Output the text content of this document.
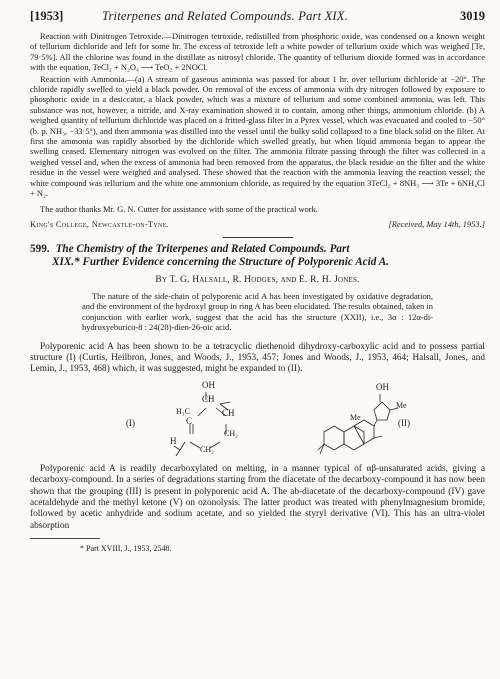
[1953]	Triterpenes and Related Compounds. Part XIX.	3019

Reaction with Dinitrogen Tetroxide.—Dinitrogen tetroxide, redistilled from phosphoric oxide, was condensed on a known weight of tellurium dichloride and left for some hr. The excess of tetroxide left a white powder of tellurium oxide which was weighed [Te, 79·5%]. All the chlorine was found in the distillate as nitrosyl chloride. The quantity of tellurium dioxide formed was in accordance with the equation, TeCl₂ + N₂O₄ ⟶ TeO₂ + 2NOCl.

Reaction with Ammonia.—(a) A stream of gaseous ammonia was passed for about 1 hr. over tellurium dichloride at −20°. The chloride rapidly swelled to yield a black powder. On removal of the excess of ammonia with dry nitrogen followed by exposure to phosphoric oxide in a desiccator, a black powder, which was a mixture of tellurium and some combined ammonia, was left. This substance was not, however, a nitride, and X-ray examination showed it to contain, among other things, ammonium chloride. (b) A weighed quantity of tellurium dichloride was placed on a fritted-glass filter in a Pyrex vessel, which was evacuated and cooled to −50° (b. p. NH₃, −33·5°), and then ammonia was distilled into the vessel until the bulky solid collapsed to a fine black solid on the filter. At first the ammonia was rapidly absorbed by the dichloride which swelled greatly, but when liquid ammonia began to appear the swelling ceased. Elementary nitrogen was evolved on the filter. The ammonia filtrate passing through the filter was collected in a weighed vessel and, when the excess of ammonia had been removed from the apparatus, the black residue on the filter and the white residue in the vessel were weighed and analysed. These showed that the reaction with the ammonia leaving the reaction vessel; the white compound was tellurium and the white one ammonium chloride, as required by the equation 3TeCl₂ + 8NH₃ ⟶ 3Te + 6NH₄Cl + N₂.

The author thanks Mr. G. N. Cutter for assistance with some of the practical work.

King's College, Newcastle-on-Tyne.	[Received, May 14th, 1953.]
599. The Chemistry of the Triterpenes and Related Compounds. Part
XIX.* Further Evidence concerning the Structure of Polyporenic Acid A.
By T. G. Halsall, R. Hodges, and E. R. H. Jones.

The nature of the side-chain of polyporenic acid A has been investigated by oxidative degradation, and the environment of the hydroxyl group in ring A has been elucidated. The results obtained, taken in conjunction with earlier work, suggest that the acid has the structure (XXII), i.e., 3α : 12α-di-hydroxyeburico-8 : 24(28)-dien-26-oic acid.

Polyporenic acid A has been shown to be a tetracyclic diethenoid dihydroxy-carboxylic acid and to possess partial structure (I) (Curtis, Heilbron, Jones, and Woods, J., 1953, 457; Jones and Woods, J., 1953, 464; Halsall, Jones, and Lemin, J., 1953, 468) which, it was suggested, might be expanded to (II).

(I)
OH
CH
H₃C	CH
C
CH₂
H
CH₂
OH
Me
Me
(II)

Polyporenic acid A is readily decarboxylated on melting, in a manner typical of αβ-unsaturated acids, giving a decarboxy-compound. In a series of degradations starting from the diacetate of the decarboxy-compound it has now been shown that the grouping (III) is present in polyporenic acid A. The ab-diacetate of the decarboxy-compound (IV) gave acetaldehyde and the methyl ketone (V) on ozonolysis. The latter product was treated with phenylmagnesium bromide, followed by acetic anhydride and sodium acetate, and so yielded the styryl derivative (VI). This has an ultra-violet absorption

* Part XVIII, J., 1953, 2548.
